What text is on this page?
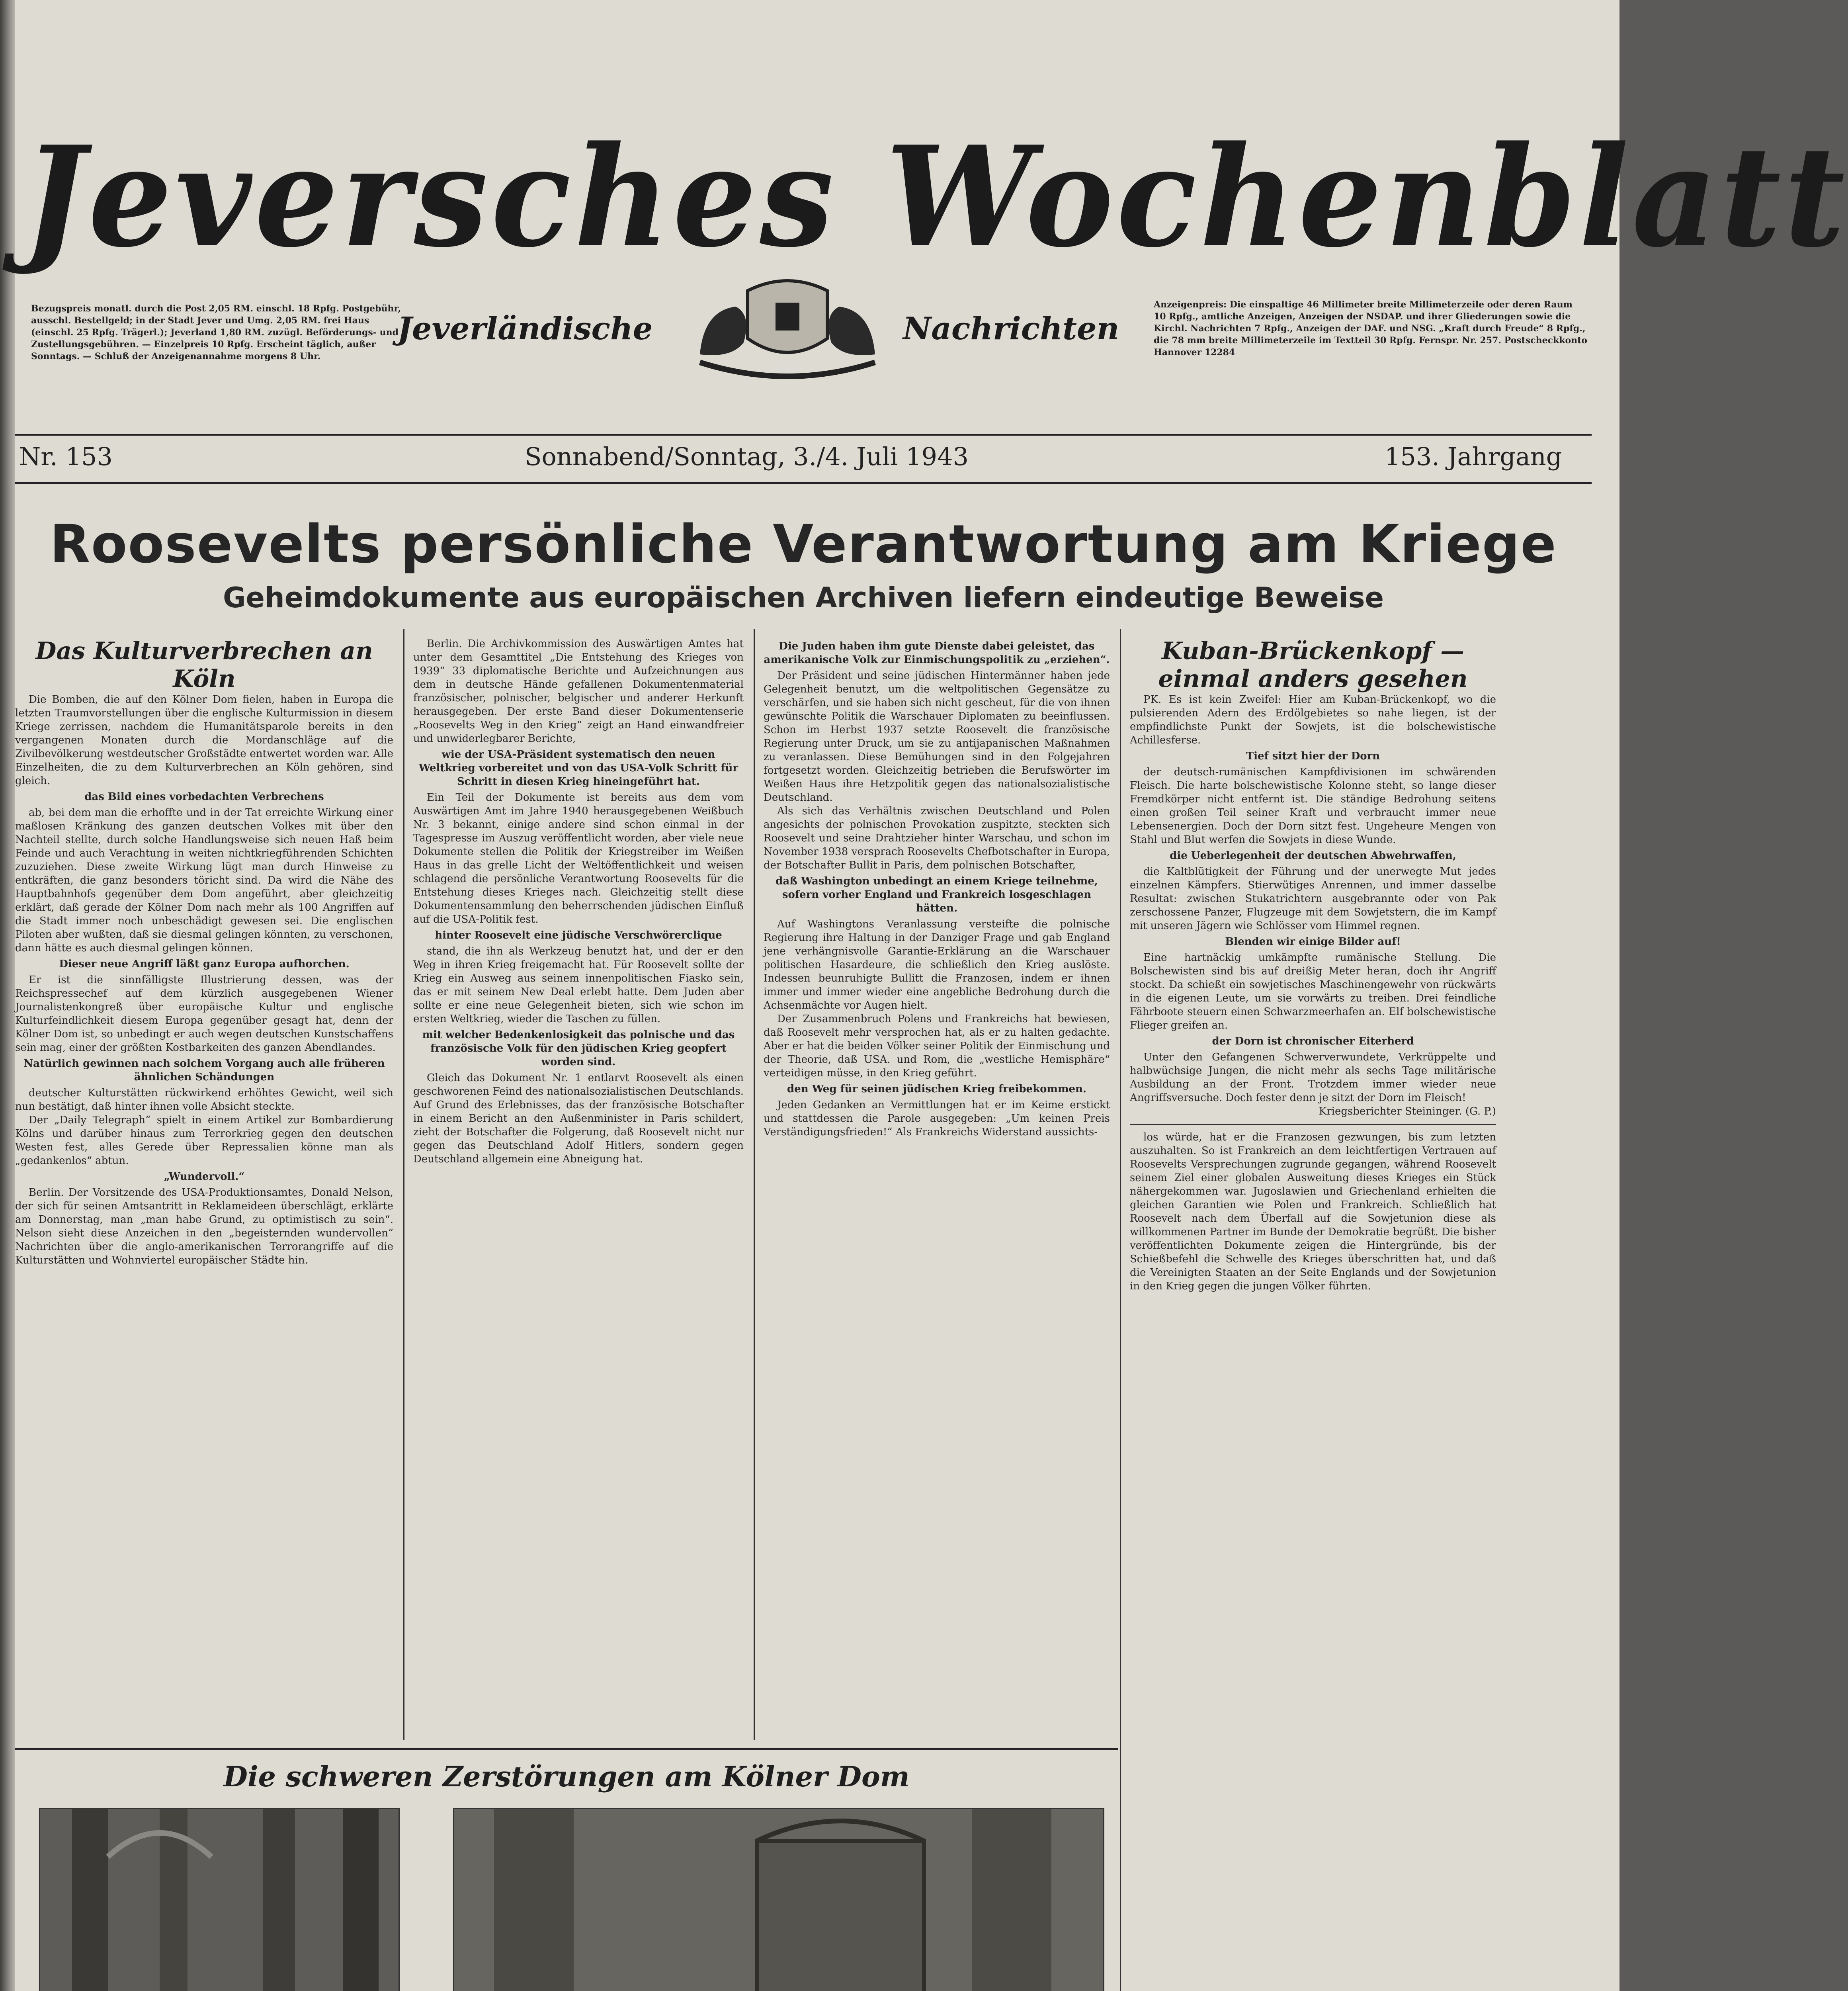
Jeversches Wochenblatt
Bezugspreis monatl. durch die Post 2,05 RM. einschl. 18 Rpfg. Postgebühr, ausschl. Bestellgeld; in der Stadt Jever und Umg. 2,05 RM. frei Haus (einschl. 25 Rpfg. Trägerl.); Jeverland 1,80 RM. zuzügl. Beförderungs- und Zustellungsgebühren. — Einzelpreis 10 Rpfg. Erscheint täglich, außer Sonntags. — Schluß der Anzeigenannahme morgens 8 Uhr.
Jeverländische
WAPPEN
Nachrichten
Anzeigenpreis: Die einspaltige 46 Millimeter breite Millimeterzeile oder deren Raum 10 Rpfg., amtliche Anzeigen, Anzeigen der NSDAP. und ihrer Gliederungen sowie die Kirchl. Nachrichten 7 Rpfg., Anzeigen der DAF. und NSG. „Kraft durch Freude“ 8 Rpfg., die 78 mm breite Millimeterzeile im Textteil 30 Rpfg. Fernspr. Nr. 257. Postscheckkonto Hannover 12284
Nr. 153	Sonnabend/Sonntag, 3./4. Juli 1943	153. Jahrgang
Roosevelts persönliche Verantwortung am Kriege
Geheimdokumente aus europäischen Archiven liefern eindeutige Beweise
Das Kulturverbrechen an Köln

Die Bomben, die auf den Kölner Dom fielen, haben in Europa die letzten Traumvorstellungen über die englische Kulturmission in diesem Kriege zerrissen, nachdem die Humanitätsparole bereits in den vergangenen Monaten durch die Mordanschläge auf die Zivilbevölkerung westdeutscher Großstädte entwertet worden war. Alle Einzelheiten, die zu dem Kulturverbrechen an Köln gehören, sind gleich.

das Bild eines vorbedachten Verbrechens

ab, bei dem man die erhoffte und in der Tat erreichte Wirkung einer maßlosen Kränkung des ganzen deutschen Volkes mit über den Nachteil stellte, durch solche Handlungsweise sich neuen Haß beim Feinde und auch Verachtung in weiten nichtkriegführenden Schichten zuzuziehen. Diese zweite Wirkung lügt man durch Hinweise zu entkräften, die ganz besonders töricht sind. Da wird die Nähe des Hauptbahnhofs gegenüber dem Dom angeführt, aber gleichzeitig erklärt, daß gerade der Kölner Dom nach mehr als 100 Angriffen auf die Stadt immer noch unbeschädigt gewesen sei. Die englischen Piloten aber wußten, daß sie diesmal gelingen könnten, zu verschonen, dann hätte es auch diesmal gelingen können.

Dieser neue Angriff läßt ganz Europa aufhorchen.

Er ist die sinnfälligste Illustrierung dessen, was der Reichspressechef auf dem kürzlich ausgegebenen Wiener Journalistenkongreß über europäische Kultur und englische Kulturfeindlichkeit diesem Europa gegenüber gesagt hat, denn der Kölner Dom ist, so unbedingt er auch wegen deutschen Kunstschaffens sein mag, einer der größten Kostbarkeiten des ganzen Abendlandes.

Natürlich gewinnen nach solchem Vorgang auch alle früheren ähnlichen Schändungen

deutscher Kulturstätten rückwirkend erhöhtes Gewicht, weil sich nun bestätigt, daß hinter ihnen volle Absicht steckte.

Der „Daily Telegraph“ spielt in einem Artikel zur Bombardierung Kölns und darüber hinaus zum Terrorkrieg gegen den deutschen Westen fest, alles Gerede über Repressalien könne man als „gedankenlos“ abtun.

„Wundervoll.“

Berlin. Der Vorsitzende des USA-Produktionsamtes, Donald Nelson, der sich für seinen Amtsantritt in Reklameideen überschlägt, erklärte am Donnerstag, man „man habe Grund, zu optimistisch zu sein“. Nelson sieht diese Anzeichen in den „begeisternden wundervollen“ Nachrichten über die anglo-amerikanischen Terrorangriffe auf die Kulturstätten und Wohnviertel europäischer Städte hin.

Berlin. Die Archivkommission des Auswärtigen Amtes hat unter dem Gesamttitel „Die Entstehung des Krieges von 1939“ 33 diplomatische Berichte und Aufzeichnungen aus dem in deutsche Hände gefallenen Dokumentenmaterial französischer, polnischer, belgischer und anderer Herkunft herausgegeben. Der erste Band dieser Dokumentenserie „Roosevelts Weg in den Krieg“ zeigt an Hand einwandfreier und unwiderlegbarer Berichte,

wie der USA-Präsident systematisch den neuen Weltkrieg vorbereitet und von das USA-Volk Schritt für Schritt in diesen Krieg hineingeführt hat.

Ein Teil der Dokumente ist bereits aus dem vom Auswärtigen Amt im Jahre 1940 herausgegebenen Weißbuch Nr. 3 bekannt, einige andere sind schon einmal in der Tagespresse im Auszug veröffentlicht worden, aber viele neue Dokumente stellen die Politik der Kriegstreiber im Weißen Haus in das grelle Licht der Weltöffentlichkeit und weisen schlagend die persönliche Verantwortung Roosevelts für die Entstehung dieses Krieges nach. Gleichzeitig stellt diese Dokumentensammlung den beherrschenden jüdischen Einfluß auf die USA-Politik fest.

hinter Roosevelt eine jüdische Verschwörerclique

stand, die ihn als Werkzeug benutzt hat, und der er den Weg in ihren Krieg freigemacht hat. Für Roosevelt sollte der Krieg ein Ausweg aus seinem innenpolitischen Fiasko sein, das er mit seinem New Deal erlebt hatte. Dem Juden aber sollte er eine neue Gelegenheit bieten, sich wie schon im ersten Weltkrieg, wieder die Taschen zu füllen.

mit welcher Bedenkenlosigkeit das polnische und das französische Volk für den jüdischen Krieg geopfert worden sind.

Gleich das Dokument Nr. 1 entlarvt Roosevelt als einen geschworenen Feind des nationalsozialistischen Deutschlands. Auf Grund des Erlebnisses, das der französische Botschafter in einem Bericht an den Außenminister in Paris schildert, zieht der Botschafter die Folgerung, daß Roosevelt nicht nur gegen das Deutschland Adolf Hitlers, sondern gegen Deutschland allgemein eine Abneigung hat.

Die Juden haben ihm gute Dienste dabei geleistet, das amerikanische Volk zur Einmischungspolitik zu „erziehen“.

Der Präsident und seine jüdischen Hintermänner haben jede Gelegenheit benutzt, um die weltpolitischen Gegensätze zu verschärfen, und sie haben sich nicht gescheut, für die von ihnen gewünschte Politik die Warschauer Diplomaten zu beeinflussen. Schon im Herbst 1937 setzte Roosevelt die französische Regierung unter Druck, um sie zu antijapanischen Maßnahmen zu veranlassen. Diese Bemühungen sind in den Folgejahren fortgesetzt worden. Gleichzeitig betrieben die Berufswörter im Weißen Haus ihre Hetzpolitik gegen das nationalsozialistische Deutschland.

Als sich das Verhältnis zwischen Deutschland und Polen angesichts der polnischen Provokation zuspitzte, steckten sich Roosevelt und seine Drahtzieher hinter Warschau, und schon im November 1938 versprach Roosevelts Chefbotschafter in Europa, der Botschafter Bullit in Paris, dem polnischen Botschafter,

daß Washington unbedingt an einem Kriege teilnehme, sofern vorher England und Frankreich losgeschlagen hätten.

Auf Washingtons Veranlassung versteifte die polnische Regierung ihre Haltung in der Danziger Frage und gab England jene verhängnisvolle Garantie-Erklärung an die Warschauer politischen Hasardeure, die schließlich den Krieg auslöste. Indessen beunruhigte Bullitt die Franzosen, indem er ihnen immer und immer wieder eine angebliche Bedrohung durch die Achsenmächte vor Augen hielt.

Der Zusammenbruch Polens und Frankreichs hat bewiesen, daß Roosevelt mehr versprochen hat, als er zu halten gedachte. Aber er hat die beiden Völker seiner Politik der Einmischung und der Theorie, daß USA. und Rom, die „westliche Hemisphäre“ verteidigen müsse, in den Krieg geführt.

den Weg für seinen jüdischen Krieg freibekommen.

Jeden Gedanken an Vermittlungen hat er im Keime erstickt und stattdessen die Parole ausgegeben: „Um keinen Preis Verständigungsfrieden!“ Als Frankreichs Widerstand aussichts-

Kuban-Brückenkopf — einmal anders gesehen

PK. Es ist kein Zweifel: Hier am Kuban-Brückenkopf, wo die pulsierenden Adern des Erdölgebietes so nahe liegen, ist der empfindlichste Punkt der Sowjets, ist die bolschewistische Achillesferse.

Tief sitzt hier der Dorn

der deutsch-rumänischen Kampfdivisionen im schwärenden Fleisch. Die harte bolschewistische Kolonne steht, so lange dieser Fremdkörper nicht entfernt ist. Die ständige Bedrohung seitens einen großen Teil seiner Kraft und verbraucht immer neue Lebensenergien. Doch der Dorn sitzt fest. Ungeheure Mengen von Stahl und Blut werfen die Sowjets in diese Wunde.

die Ueberlegenheit der deutschen Abwehrwaffen,

die Kaltblütigkeit der Führung und der unerwegte Mut jedes einzelnen Kämpfers. Stierwütiges Anrennen, und immer dasselbe Resultat: zwischen Stukatrichtern ausgebrannte oder von Pak zerschossene Panzer, Flugzeuge mit dem Sowjetstern, die im Kampf mit unseren Jägern wie Schlösser vom Himmel regnen.

Blenden wir einige Bilder auf!

Eine hartnäckig umkämpfte rumänische Stellung. Die Bolschewisten sind bis auf dreißig Meter heran, doch ihr Angriff stockt. Da schießt ein sowjetisches Maschinengewehr von rückwärts in die eigenen Leute, um sie vorwärts zu treiben. Drei feindliche Fährboote steuern einen Schwarzmeerhafen an. Elf bolschewistische Flieger greifen an.

der Dorn ist chronischer Eiterherd

Unter den Gefangenen Schwerverwundete, Verkrüppelte und halbwüchsige Jungen, die nicht mehr als sechs Tage militärische Ausbildung an der Front. Trotzdem immer wieder neue Angriffsversuche. Doch fester denn je sitzt der Dorn im Fleisch!

Kriegsberichter Steininger. (G. P.)

los würde, hat er die Franzosen gezwungen, bis zum letzten auszuhalten. So ist Frankreich an dem leichtfertigen Vertrauen auf Roosevelts Versprechungen zugrunde gegangen, während Roosevelt seinem Ziel einer globalen Ausweitung dieses Krieges ein Stück nähergekommen war. Jugoslawien und Griechenland erhielten die gleichen Garantien wie Polen und Frankreich. Schließlich hat Roosevelt nach dem Überfall auf die Sowjetunion diese als willkommenen Partner im Bunde der Demokratie begrüßt. Die bisher veröffentlichten Dokumente zeigen die Hintergründe, bis der Schießbefehl die Schwelle des Krieges überschritten hat, und daß die Vereinigten Staaten an der Seite Englands und der Sowjetunion in den Krieg gegen die jungen Völker führten.

Die schweren Zerstörungen am Kölner Dom
